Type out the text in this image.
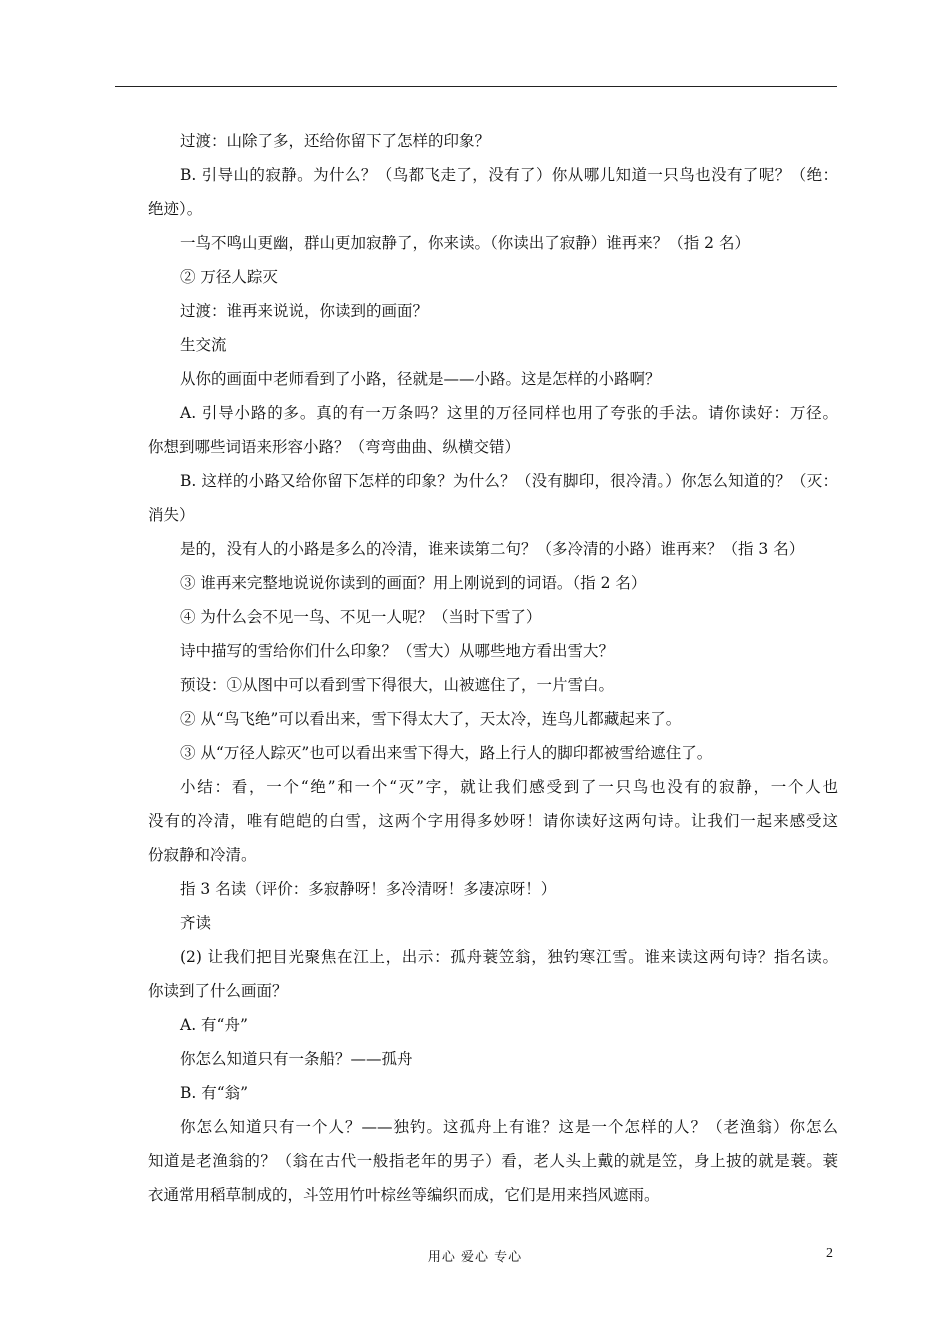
过渡：山除了多，还给你留下了怎样的印象？
B. 引导山的寂静。为什么？（鸟都飞走了，没有了）你从哪儿知道一只鸟也没有了呢？（绝：
绝迹）。
一鸟不鸣山更幽，群山更加寂静了，你来读。（你读出了寂静）谁再来？（指 2 名）
② 万径人踪灭
过渡：谁再来说说，你读到的画面？
生交流
从你的画面中老师看到了小路，径就是——小路。这是怎样的小路啊？
A. 引导小路的多。真的有一万条吗？这里的万径同样也用了夸张的手法。请你读好：万径。
你想到哪些词语来形容小路？（弯弯曲曲、纵横交错）
B. 这样的小路又给你留下怎样的印象？为什么？（没有脚印，很冷清。）你怎么知道的？（灭：
消失）
是的，没有人的小路是多么的冷清，谁来读第二句？（多冷清的小路）谁再来？（指 3 名）
③ 谁再来完整地说说你读到的画面？用上刚说到的词语。（指 2 名）
④ 为什么会不见一鸟、不见一人呢？（当时下雪了）
诗中描写的雪给你们什么印象？（雪大）从哪些地方看出雪大？
预设：①从图中可以看到雪下得很大，山被遮住了，一片雪白。
② 从“鸟飞绝”可以看出来，雪下得太大了，天太冷，连鸟儿都藏起来了。
③ 从“万径人踪灭”也可以看出来雪下得大，路上行人的脚印都被雪给遮住了。
小结：看，一个“绝”和一个“灭”字，就让我们感受到了一只鸟也没有的寂静，一个人也
没有的冷清，唯有皑皑的白雪，这两个字用得多妙呀！请你读好这两句诗。让我们一起来感受这
份寂静和冷清。
指 3 名读（评价：多寂静呀！多冷清呀！多凄凉呀！）
齐读
(2) 让我们把目光聚焦在江上，出示：孤舟蓑笠翁，独钓寒江雪。谁来读这两句诗？指名读。
你读到了什么画面？
A. 有“舟”
你怎么知道只有一条船？——孤舟
B. 有“翁”
你怎么知道只有一个人？——独钓。这孤舟上有谁？这是一个怎样的人？（老渔翁）你怎么
知道是老渔翁的？（翁在古代一般指老年的男子）看，老人头上戴的就是笠，身上披的就是蓑。蓑
衣通常用稻草制成的，斗笠用竹叶棕丝等编织而成，它们是用来挡风遮雨。
用心 爱心 专心	2
